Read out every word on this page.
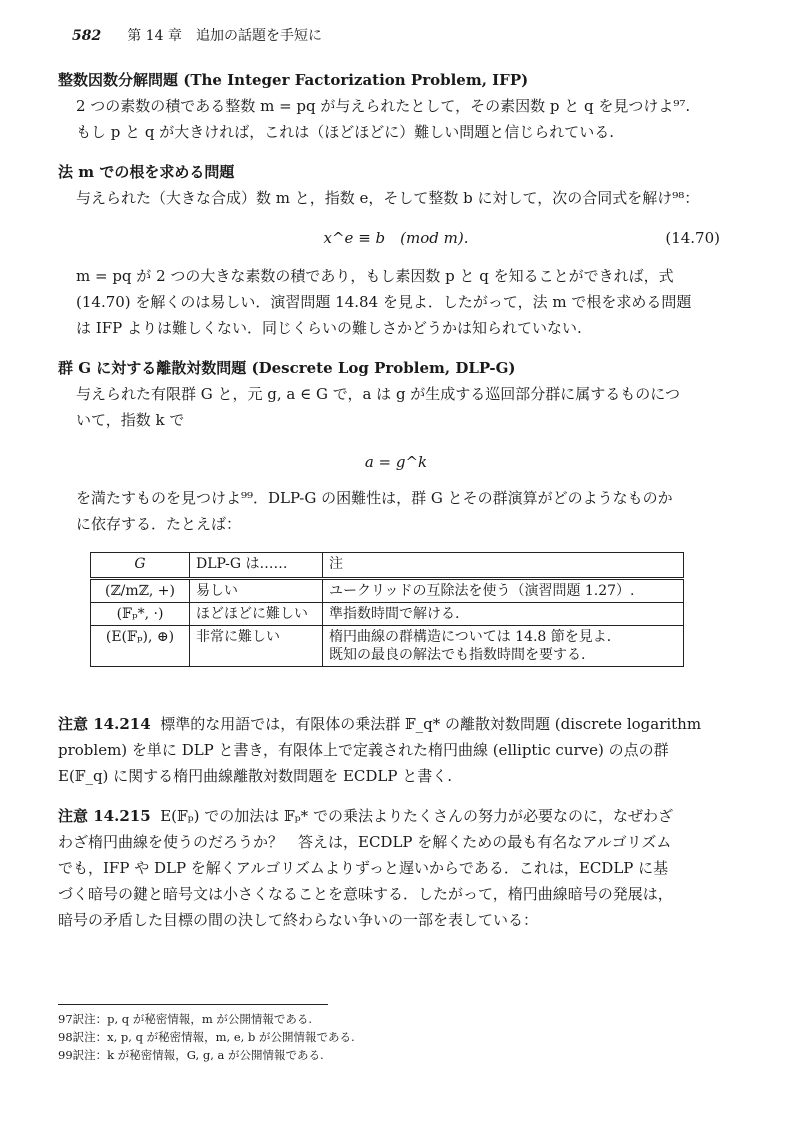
582 第 14 章　追加の話題を手短に
整数因数分解問題 (The Integer Factorization Problem, IFP)
2 つの素数の積である整数 m = pq が与えられたとして，その素因数 p と q を見つけよ⁹⁷.
もし p と q が大きければ，これは（ほどほどに）難しい問題と信じられている.
法 m での根を求める問題
与えられた（大きな合成）数 m と，指数 e，そして整数 b に対して，次の合同式を解け⁹⁸：
x^e ≡ b　(mod m).	(14.70)
m = pq が 2 つの大きな素数の積であり，もし素因数 p と q を知ることができれば，式
(14.70) を解くのは易しい．演習問題 14.84 を見よ．したがって，法 m で根を求める問題
は IFP よりは難しくない．同じくらいの難しさかどうかは知られていない.
群 G に対する離散対数問題 (Descrete Log Problem, DLP-G)
与えられた有限群 G と，元 g, a ∈ G で，a は g が生成する巡回部分群に属するものにつ
いて，指数 k で
a = g^k
を満たすものを見つけよ⁹⁹．DLP-G の困難性は，群 G とその群演算がどのようなものか
に依存する．たとえば：
G	DLP-G は……	注
(ℤ/mℤ, +)	易しい	ユークリッドの互除法を使う（演習問題 1.27）.
(𝔽ₚ*, ·)	ほどほどに難しい	準指数時間で解ける.
(E(𝔽ₚ), ⊕)	非常に難しい	楕円曲線の群構造については 14.8 節を見よ．
既知の最良の解法でも指数時間を要する.
注意 14.214 標準的な用語では，有限体の乗法群 𝔽_q* の離散対数問題 (discrete logarithm
problem) を単に DLP と書き，有限体上で定義された楕円曲線 (elliptic curve) の点の群
E(𝔽_q) に関する楕円曲線離散対数問題を ECDLP と書く.
注意 14.215 E(𝔽ₚ) での加法は 𝔽ₚ* での乗法よりたくさんの努力が必要なのに，なぜわざ
わざ楕円曲線を使うのだろうか？　答えは，ECDLP を解くための最も有名なアルゴリズム
でも，IFP や DLP を解くアルゴリズムよりずっと遅いからである．これは，ECDLP に基
づく暗号の鍵と暗号文は小さくなることを意味する．したがって，楕円曲線暗号の発展は，
暗号の矛盾した目標の間の決して終わらない争いの一部を表している：
97訳注：p, q が秘密情報，m が公開情報である.
98訳注：x, p, q が秘密情報，m, e, b が公開情報である.
99訳注：k が秘密情報，G, g, a が公開情報である.
